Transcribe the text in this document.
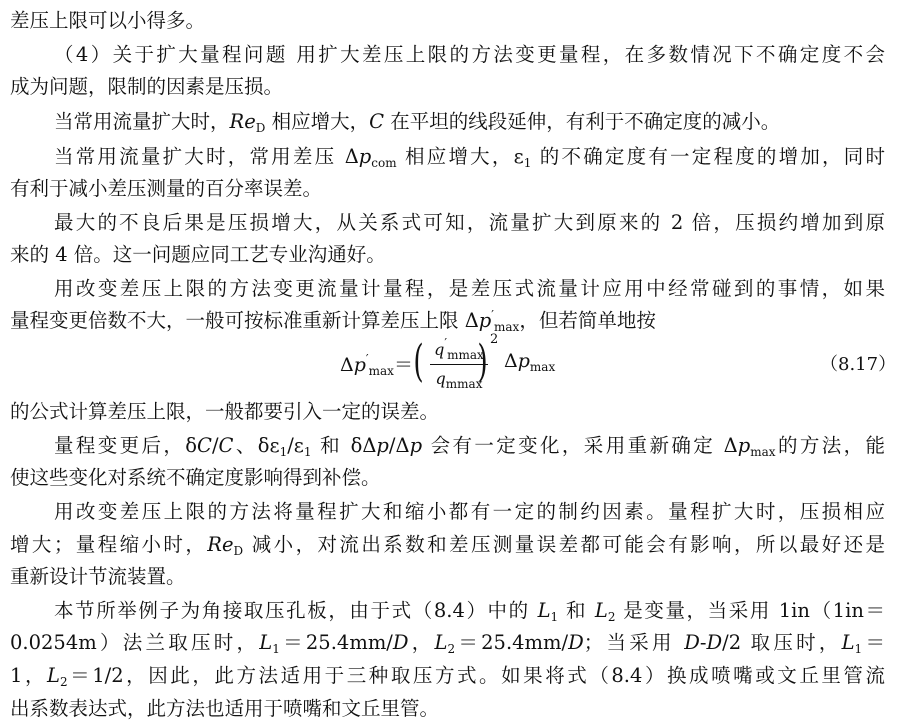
差压上限可以小得多。
（4）关于扩大量程问题 用扩大差压上限的方法变更量程，在多数情况下不确定度不会
成为问题，限制的因素是压损。
当常用流量扩大时，$Re_D$ 相应增大，C 在平坦的线段延伸，有利于不确定度的减小。
当常用流量扩大时，常用差压 $\Delta p_{com}$ 相应增大，$\varepsilon_1$ 的不确定度有一定程度的增加，同时
有利于减小差压测量的百分率误差。
最大的不良后果是压损增大，从关系式可知，流量扩大到原来的 2 倍，压损约增加到原
来的 4 倍。这一问题应同工艺专业沟通好。
用改变差压上限的方法变更流量计量程，是差压式流量计应用中经常碰到的事情，如果
量程变更倍数不大，一般可按标准重新计算差压上限 $\Delta p'_{max}$，但若简单地按
$\Delta p'_{max}=$ ( $q'_{mmax}$
$q_{mmax}$
) 2
$\Delta p_{max}$	（8.17）
的公式计算差压上限，一般都要引入一定的误差。
量程变更后，δC/C、$\delta\varepsilon_1/\varepsilon_1$ 和 δΔp/Δp 会有一定变化，采用重新确定 $\Delta p_{max}$的方法，能
使这些变化对系统不确定度影响得到补偿。
用改变差压上限的方法将量程扩大和缩小都有一定的制约因素。量程扩大时，压损相应
增大；量程缩小时，$Re_D$ 减小，对流出系数和差压测量误差都可能会有影响，所以最好还是
重新设计节流装置。
本节所举例子为角接取压孔板，由于式（8.4）中的 $L_1$ 和 $L_2$ 是变量，当采用 1in（1in＝
0.0254m）法兰取压时，$L_1=25.4mm/D$，$L_2=25.4mm/D$；当采用 D-D/2 取压时，$L_1=$
1，$L_2=1/2$，因此，此方法适用于三种取压方式。如果将式（8.4）换成喷嘴或文丘里管流
出系数表达式，此方法也适用于喷嘴和文丘里管。
